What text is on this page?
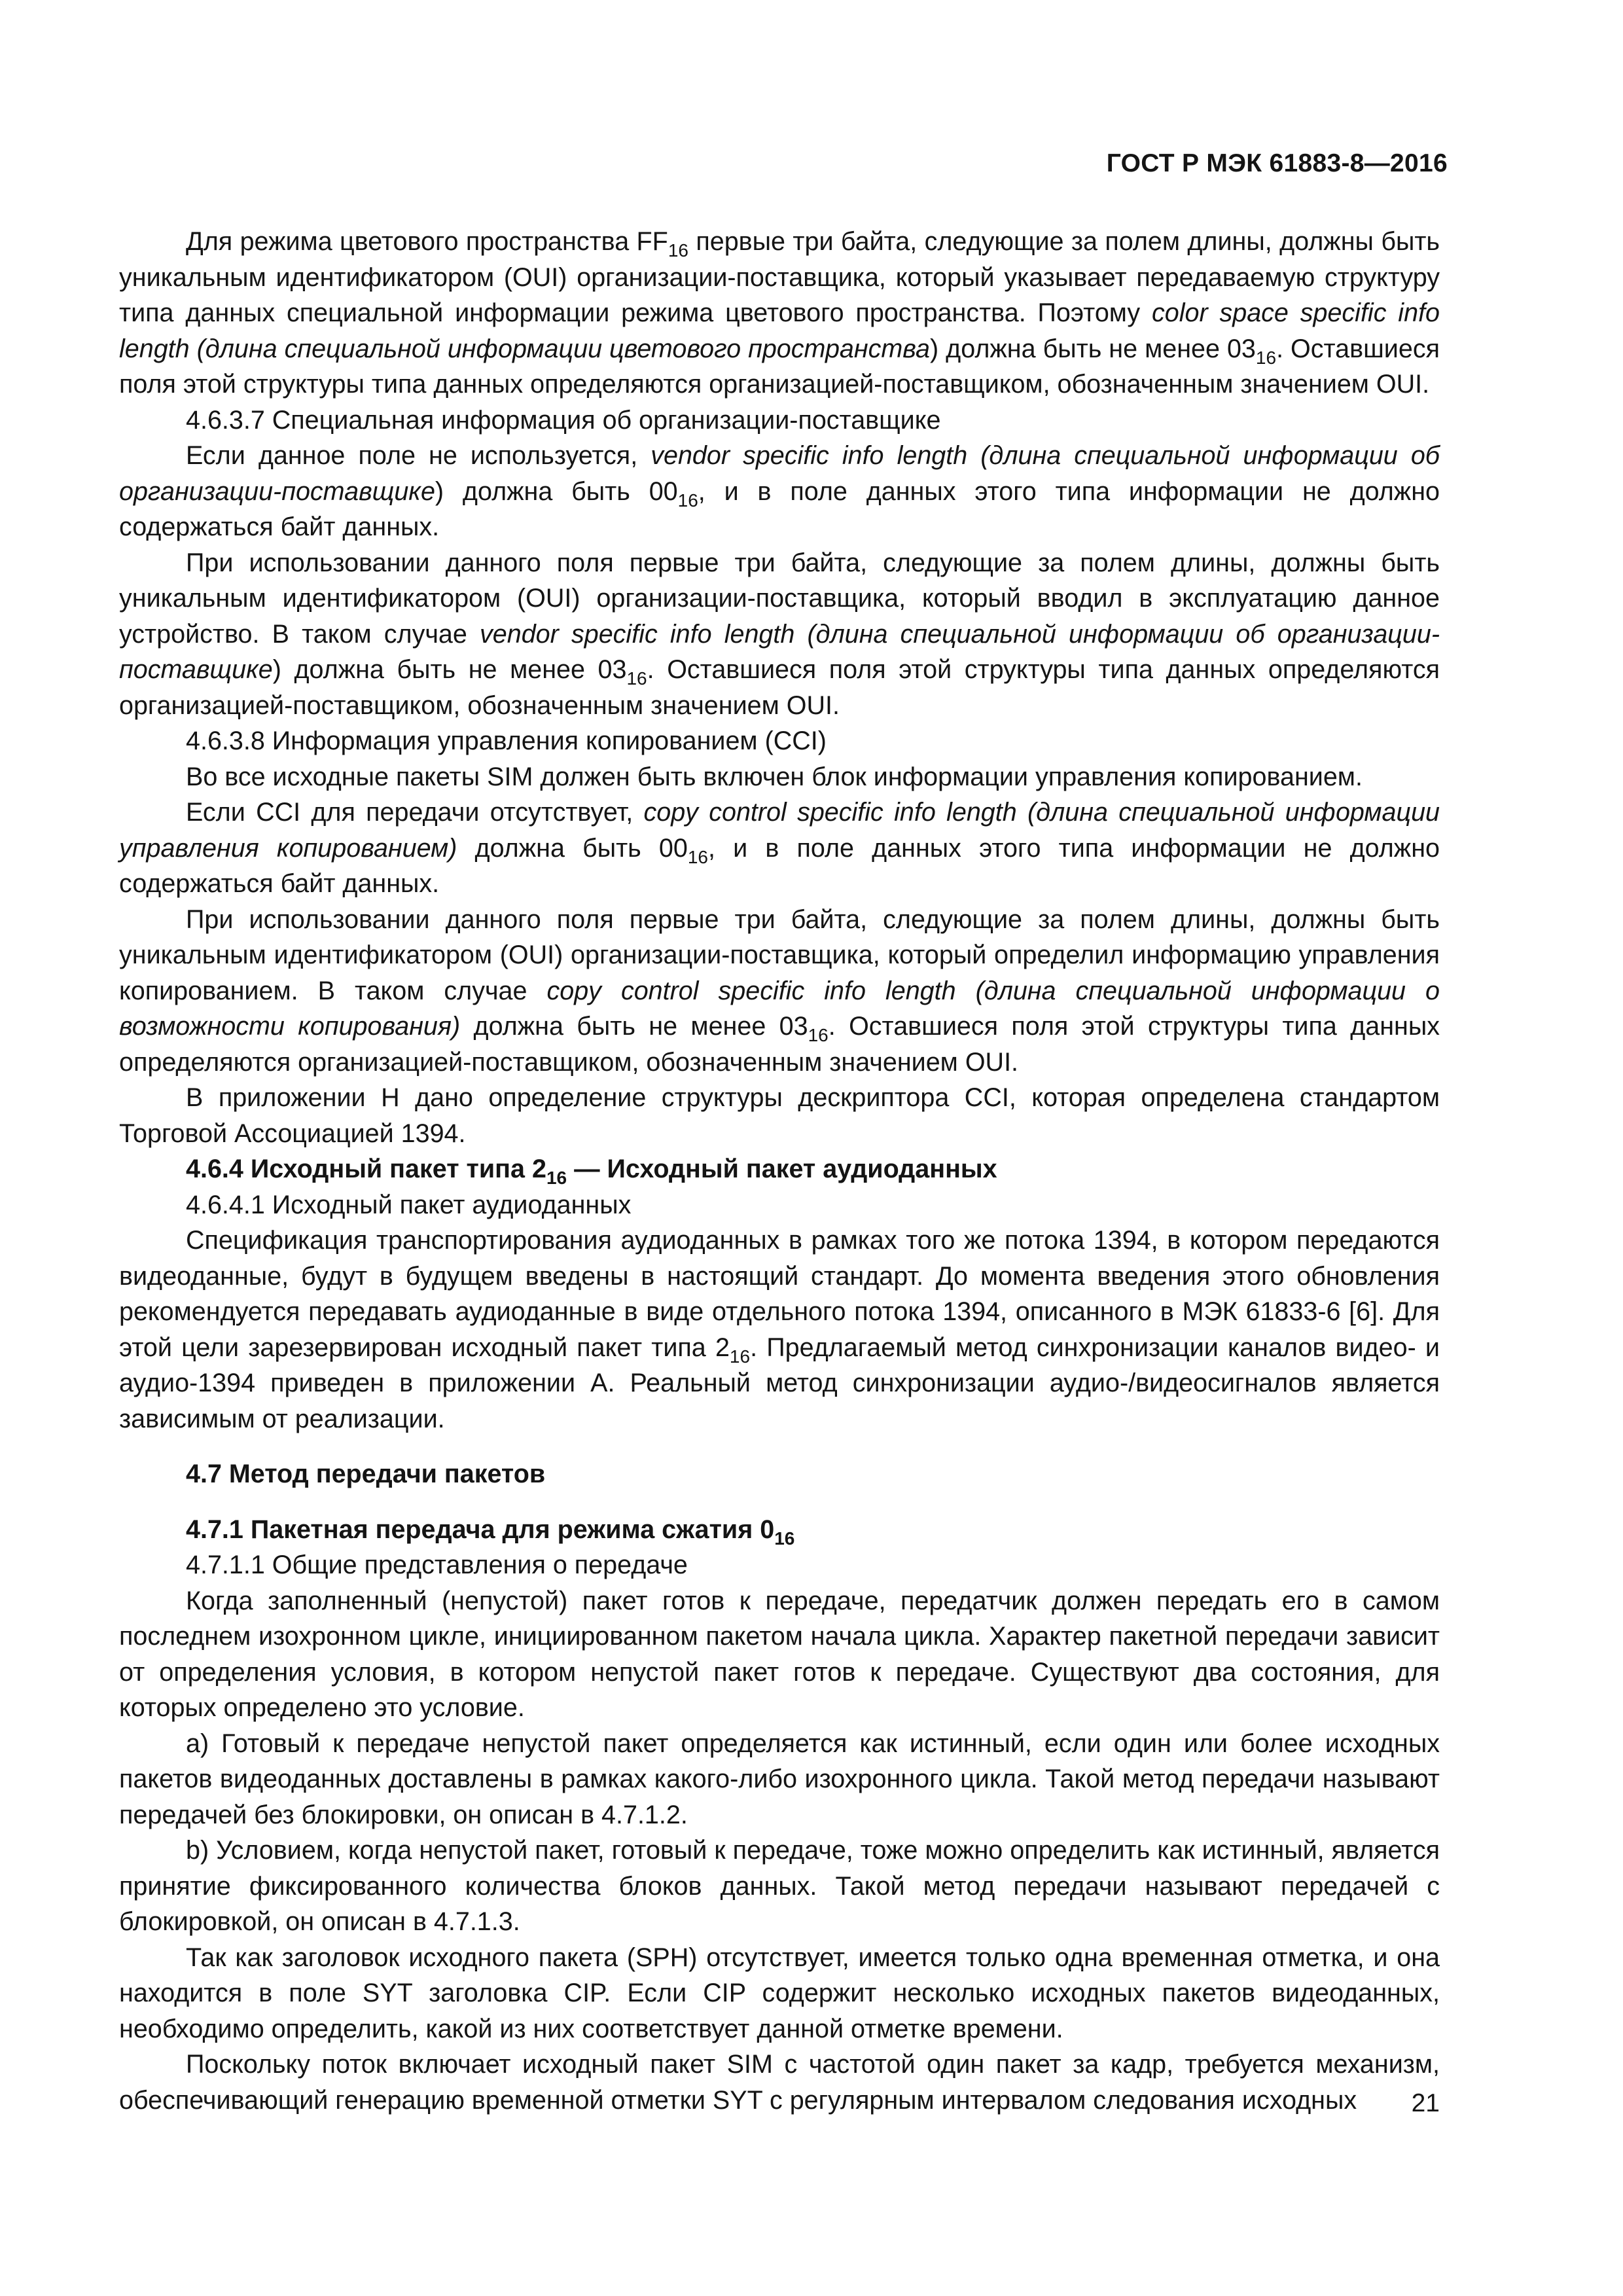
ГОСТ Р МЭК 61883-8—2016

Для режима цветового пространства $FF_{16}$ первые три байта, следующие за полем длины, должны быть уникальным идентификатором (OUI) организации-поставщика, который указывает передаваемую структуру типа данных специальной информации режима цветового пространства. Поэтому color space specific info length (длина специальной информации цветового пространства) должна быть не менее $03_{16}$. Оставшиеся поля этой структуры типа данных определяются организацией-поставщиком, обозначенным значением OUI.

4.6.3.7 Специальная информация об организации-поставщике

Если данное поле не используется, vendor specific info length (длина специальной информации об организации-поставщике) должна быть $00_{16}$, и в поле данных этого типа информации не должно содержаться байт данных.

При использовании данного поля первые три байта, следующие за полем длины, должны быть уникальным идентификатором (OUI) организации-поставщика, который вводил в эксплуатацию данное устройство. В таком случае vendor specific info length (длина специальной информации об организации-поставщике) должна быть не менее $03_{16}$. Оставшиеся поля этой структуры типа данных определяются организацией-поставщиком, обозначенным значением OUI.

4.6.3.8 Информация управления копированием (CCI)

Во все исходные пакеты SIM должен быть включен блок информации управления копированием.

Если CCI для передачи отсутствует, copy control specific info length (длина специальной информации управления копированием) должна быть $00_{16}$, и в поле данных этого типа информации не должно содержаться байт данных.

При использовании данного поля первые три байта, следующие за полем длины, должны быть уникальным идентификатором (OUI) организации-поставщика, который определил информацию управления копированием. В таком случае copy control specific info length (длина специальной информации о возможности копирования) должна быть не менее $03_{16}$. Оставшиеся поля этой структуры типа данных определяются организацией-поставщиком, обозначенным значением OUI.

В приложении Н дано определение структуры дескриптора CCI, которая определена стандартом Торговой Ассоциацией 1394.

4.6.4 Исходный пакет типа $2_{16}$ — Исходный пакет аудиоданных

4.6.4.1 Исходный пакет аудиоданных

Спецификация транспортирования аудиоданных в рамках того же потока 1394, в котором передаются видеоданные, будут в будущем введены в настоящий стандарт. До момента введения этого обновления рекомендуется передавать аудиоданные в виде отдельного потока 1394, описанного в МЭК 61833-6 [6]. Для этой цели зарезервирован исходный пакет типа $2_{16}$. Предлагаемый метод синхронизации каналов видео- и аудио-1394 приведен в приложении А. Реальный метод синхронизации аудио-/видеосигналов является зависимым от реализации.

4.7 Метод передачи пакетов

4.7.1 Пакетная передача для режима сжатия $0_{16}$

4.7.1.1 Общие представления о передаче

Когда заполненный (непустой) пакет готов к передаче, передатчик должен передать его в самом последнем изохронном цикле, инициированном пакетом начала цикла. Характер пакетной передачи зависит от определения условия, в котором непустой пакет готов к передаче. Существуют два состояния, для которых определено это условие.

a) Готовый к передаче непустой пакет определяется как истинный, если один или более исходных пакетов видеоданных доставлены в рамках какого-либо изохронного цикла. Такой метод передачи называют передачей без блокировки, он описан в 4.7.1.2.

b) Условием, когда непустой пакет, готовый к передаче, тоже можно определить как истинный, является принятие фиксированного количества блоков данных. Такой метод передачи называют передачей с блокировкой, он описан в 4.7.1.3.

Так как заголовок исходного пакета (SPH) отсутствует, имеется только одна временная отметка, и она находится в поле SYT заголовка CIP. Если CIP содержит несколько исходных пакетов видеоданных, необходимо определить, какой из них соответствует данной отметке времени.

Поскольку поток включает исходный пакет SIM с частотой один пакет за кадр, требуется механизм, обеспечивающий генерацию временной отметки SYT с регулярным интервалом следования исходных	21
